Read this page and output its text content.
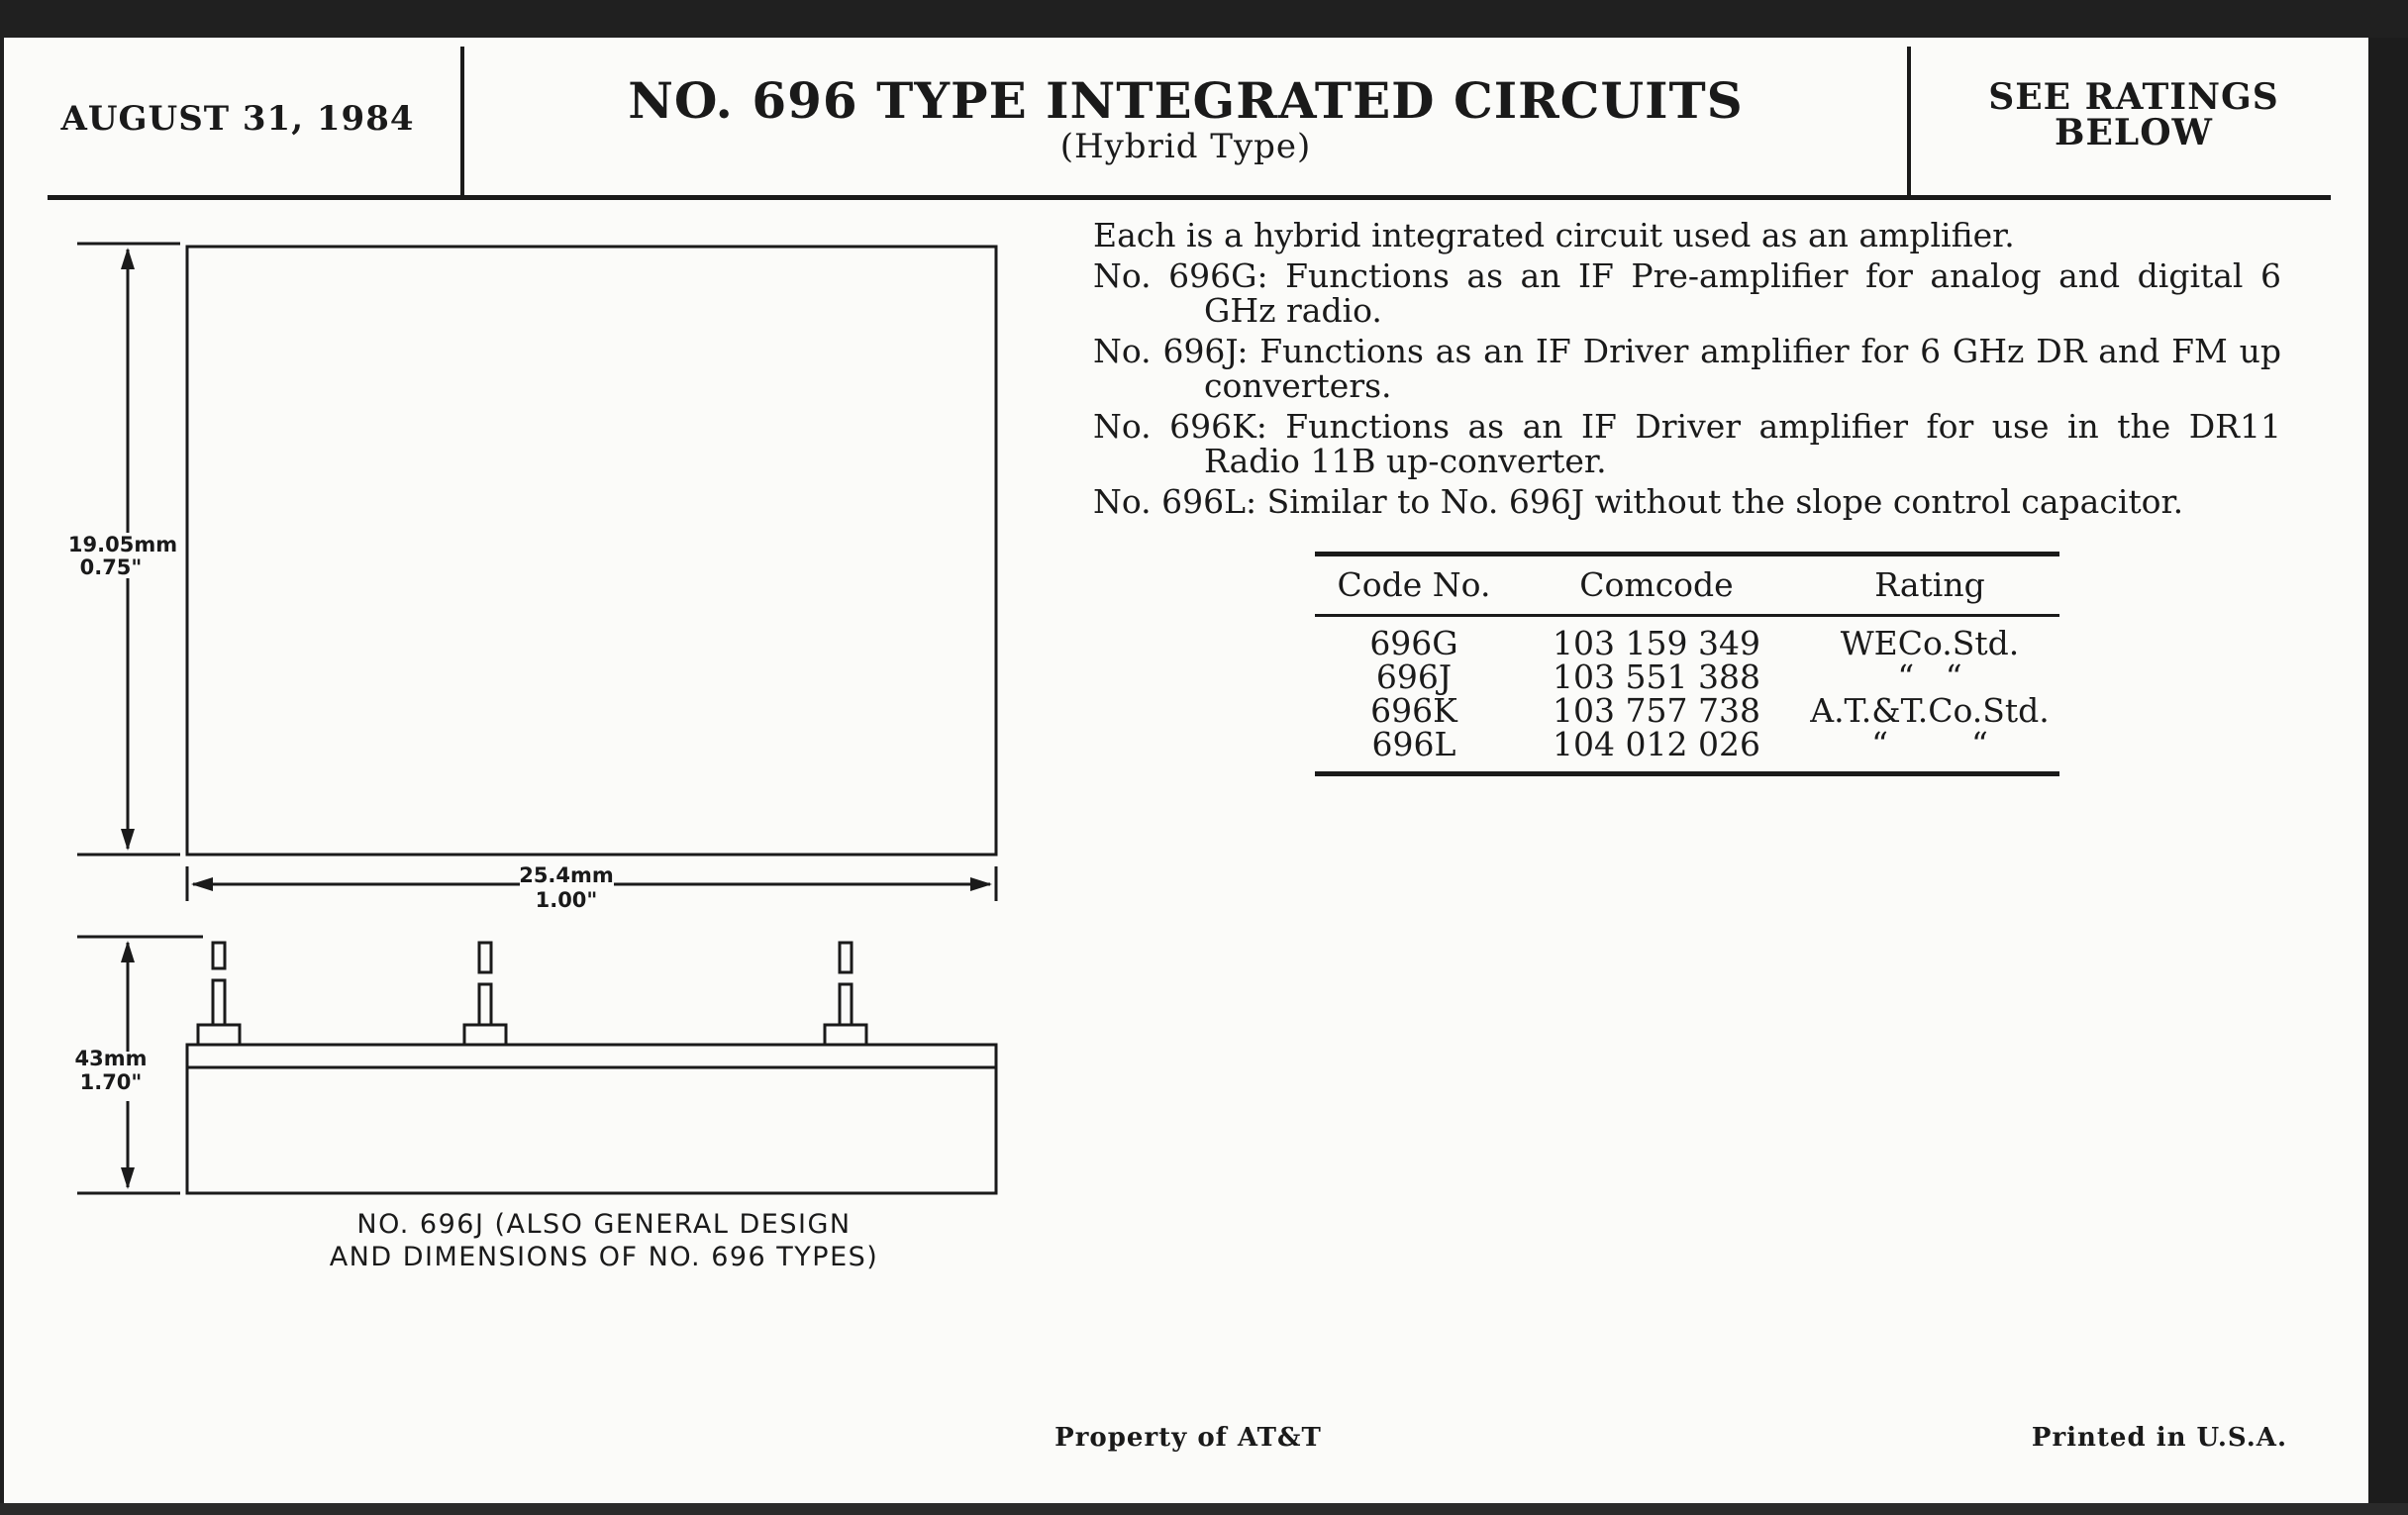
AUGUST 31, 1984	NO. 696 TYPE INTEGRATED CIRCUITS
(Hybrid Type)
SEE RATINGS
BELOW
19.05mm
0.75"
25.4mm
1.00"
43mm
1.70"
NO. 696J (ALSO GENERAL DESIGN
AND DIMENSIONS OF NO. 696 TYPES)

Each is a hybrid integrated circuit used as an amplifier.

No. 696G: Functions as an IF Pre-amplifier for analog and digital 6 GHz radio.

No. 696J: Functions as an IF Driver amplifier for 6 GHz DR and FM up converters.

No. 696K: Functions as an IF Driver amplifier for use in the DR11 Radio 11B up-converter.

No. 696L: Similar to No. 696J without the slope control capacitor.

Code No.	Comcode	Rating
696G	103 159 349	WECo.Std.
696J	103 551 388	“   “
696K	103 757 738	A.T.&T.Co.Std.
696L	104 012 026	“        “
Property of AT&T	Printed in U.S.A.
